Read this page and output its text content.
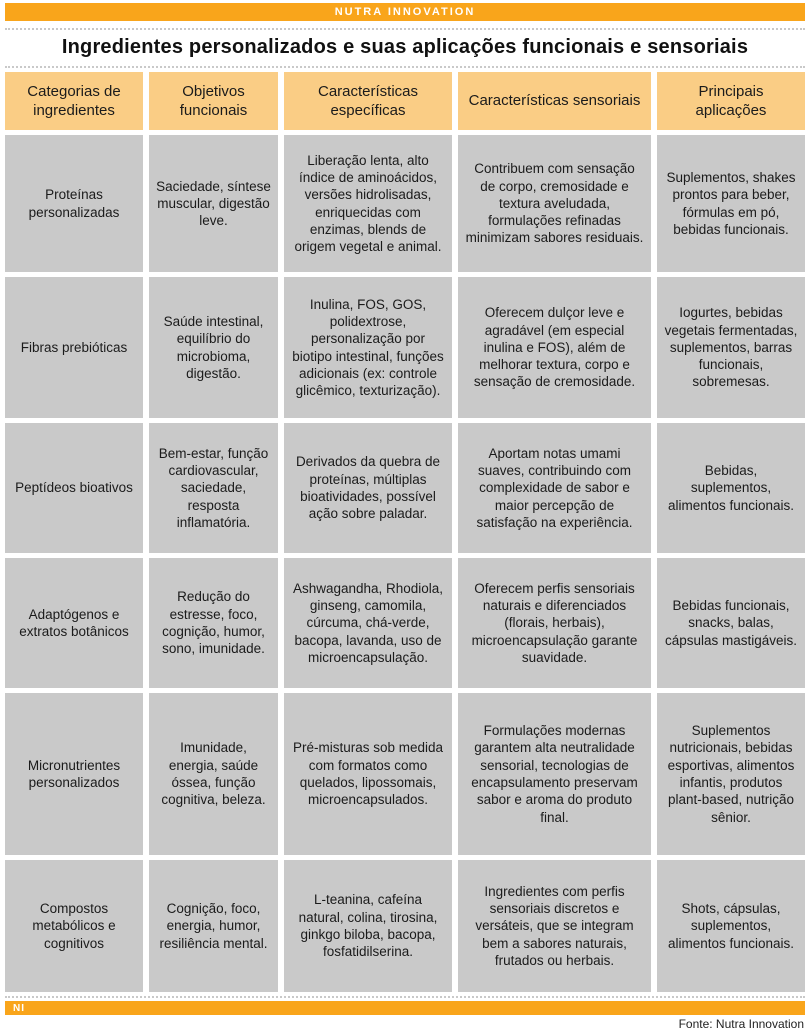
NUTRA INNOVATION
Ingredientes personalizados e suas aplicações funcionais e sensoriais
Categorias de ingredientes
Objetivos funcionais
Características específicas
Características sensoriais
Principais aplicações
Proteínas personalizadas
Saciedade, síntese muscular, digestão leve.
Liberação lenta, alto índice de aminoácidos, versões hidrolisadas, enriquecidas com enzimas, blends de origem vegetal e animal.
Contribuem com sensação de corpo, cremosidade e textura aveludada, formulações refinadas minimizam sabores residuais.
Suplementos, shakes prontos para beber, fórmulas em pó, bebidas funcionais.
Fibras prebióticas
Saúde intestinal, equilíbrio do microbioma, digestão.
Inulina, FOS, GOS, polidextrose, personalização por biotipo intestinal, funções adicionais (ex: controle glicêmico, texturização).
Oferecem dulçor leve e agradável (em especial inulina e FOS), além de melhorar textura, corpo e sensação de cremosidade.
Iogurtes, bebidas vegetais fermentadas, suplementos, barras funcionais, sobremesas.
Peptídeos bioativos
Bem-estar, função cardiovascular, saciedade, resposta inflamatória.
Derivados da quebra de proteínas, múltiplas bioatividades, possível ação sobre paladar.
Aportam notas umami suaves, contribuindo com complexidade de sabor e maior percepção de satisfação na experiência.
Bebidas, suplementos, alimentos funcionais.
Adaptógenos e extratos botânicos
Redução do estresse, foco, cognição, humor, sono, imunidade.
Ashwagandha, Rhodiola, ginseng, camomila, cúrcuma, chá-verde, bacopa, lavanda, uso de microencapsulação.
Oferecem perfis sensoriais naturais e diferenciados (florais, herbais), microencapsulação garante suavidade.
Bebidas funcionais, snacks, balas, cápsulas mastigáveis.
Micronutrientes personalizados
Imunidade, energia, saúde óssea, função cognitiva, beleza.
Pré-misturas sob medida com formatos como quelados, lipossomais, microencapsulados.
Formulações modernas garantem alta neutralidade sensorial, tecnologias de encapsulamento preservam sabor e aroma do produto final.
Suplementos nutricionais, bebidas esportivas, alimentos infantis, produtos plant-based, nutrição sênior.
Compostos metabólicos e cognitivos
Cognição, foco, energia, humor, resiliência mental.
L-teanina, cafeína natural, colina, tirosina, ginkgo biloba, bacopa, fosfatidilserina.
Ingredientes com perfis sensoriais discretos e versáteis, que se integram bem a sabores naturais, frutados ou herbais.
Shots, cápsulas, suplementos, alimentos funcionais.
NI
Fonte: Nutra Innovation
